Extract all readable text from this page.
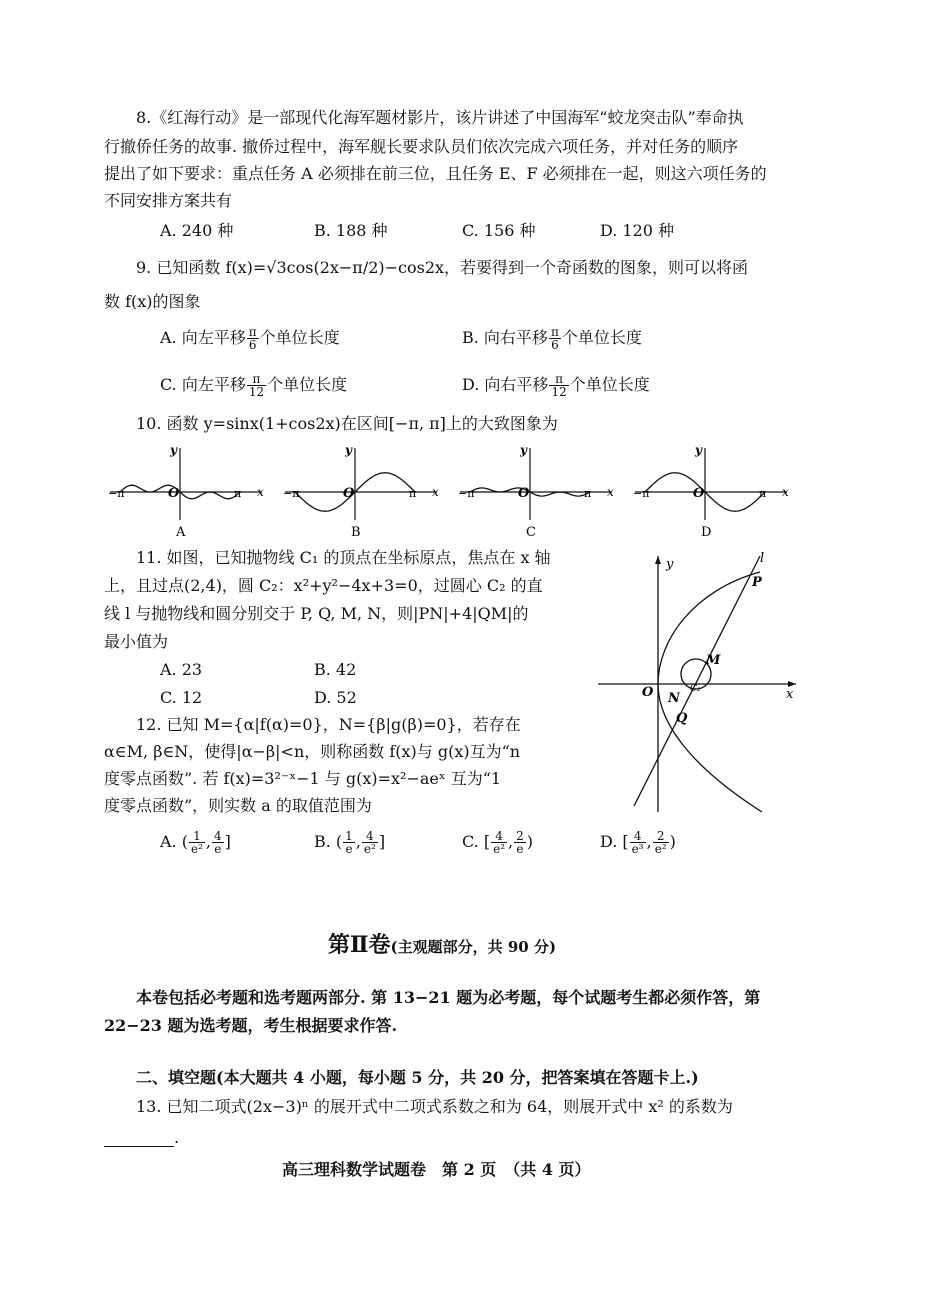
8.《红海行动》是一部现代化海军题材影片，该片讲述了中国海军“蛟龙突击队”奉命执
行撤侨任务的故事. 撤侨过程中，海军舰长要求队员们依次完成六项任务，并对任务的顺序
提出了如下要求：重点任务 A 必须排在前三位，且任务 E、F 必须排在一起，则这六项任务的
不同安排方案共有
A. 240 种	B. 188 种	C. 156 种	D. 120 种
9. 已知函数 f(x)=√3cos(2x−π/2)−cos2x，若要得到一个奇函数的图象，则可以将函
数 f(x)的图象
A. 向左平移 $\frac{\pi}{6}$ 个单位长度	B. 向右平移 $\frac{\pi}{6}$ 个单位长度
C. 向左平移 $\frac{\pi}{12}$ 个单位长度	D. 向右平移 $\frac{\pi}{12}$ 个单位长度
10. 函数 y=sinx(1+cos2x)在区间[−π, π]上的大致图象为
y
x
O
−π	π
A
y
x
O
−π	π
B
y
x
O
−π	π
C
y
x
O
−π	π
D
11. 如图，已知抛物线 C₁ 的顶点在坐标原点，焦点在 x 轴
上，且过点(2,4)，圆 C₂：x²+y²−4x+3=0，过圆心 C₂ 的直
线 l 与抛物线和圆分别交于 P, Q, M, N，则|PN|+4|QM|的
最小值为
A. 23	B. 42
C. 12	D. 52
y
x
O
l
P
M
N
C₂
Q
12. 已知 M={α|f(α)=0}，N={β|g(β)=0}，若存在
α∈M, β∈N，使得|α−β|<n，则称函数 f(x)与 g(x)互为“n
度零点函数”. 若 f(x)=3²⁻ˣ−1 与 g(x)=x²−aeˣ 互为“1
度零点函数”，则实数 a 的取值范围为
A. ( $\frac{1}{\text{e²}}$ , $\frac{4}{e}$ ]	B. ( $\frac{1}{e}$ , $\frac{4}{\text{e²}}$ ]	C. [ $\frac{4}{\text{e²}}$ , $\frac{2}{e}$ )	D. [ $\frac{4}{\text{e³}}$ , $\frac{2}{\text{e²}}$ )
第Ⅱ卷(主观题部分，共 90 分)
本卷包括必考题和选考题两部分. 第 13−21 题为必考题，每个试题考生都必须作答，第
22−23 题为选考题，考生根据要求作答.
二、填空题(本大题共 4 小题，每小题 5 分，共 20 分，把答案填在答题卡上.)
13. 已知二项式(2x−3)ⁿ 的展开式中二项式系数之和为 64，则展开式中 x² 的系数为
.
高三理科数学试题卷　第 2 页　（共 4 页）
